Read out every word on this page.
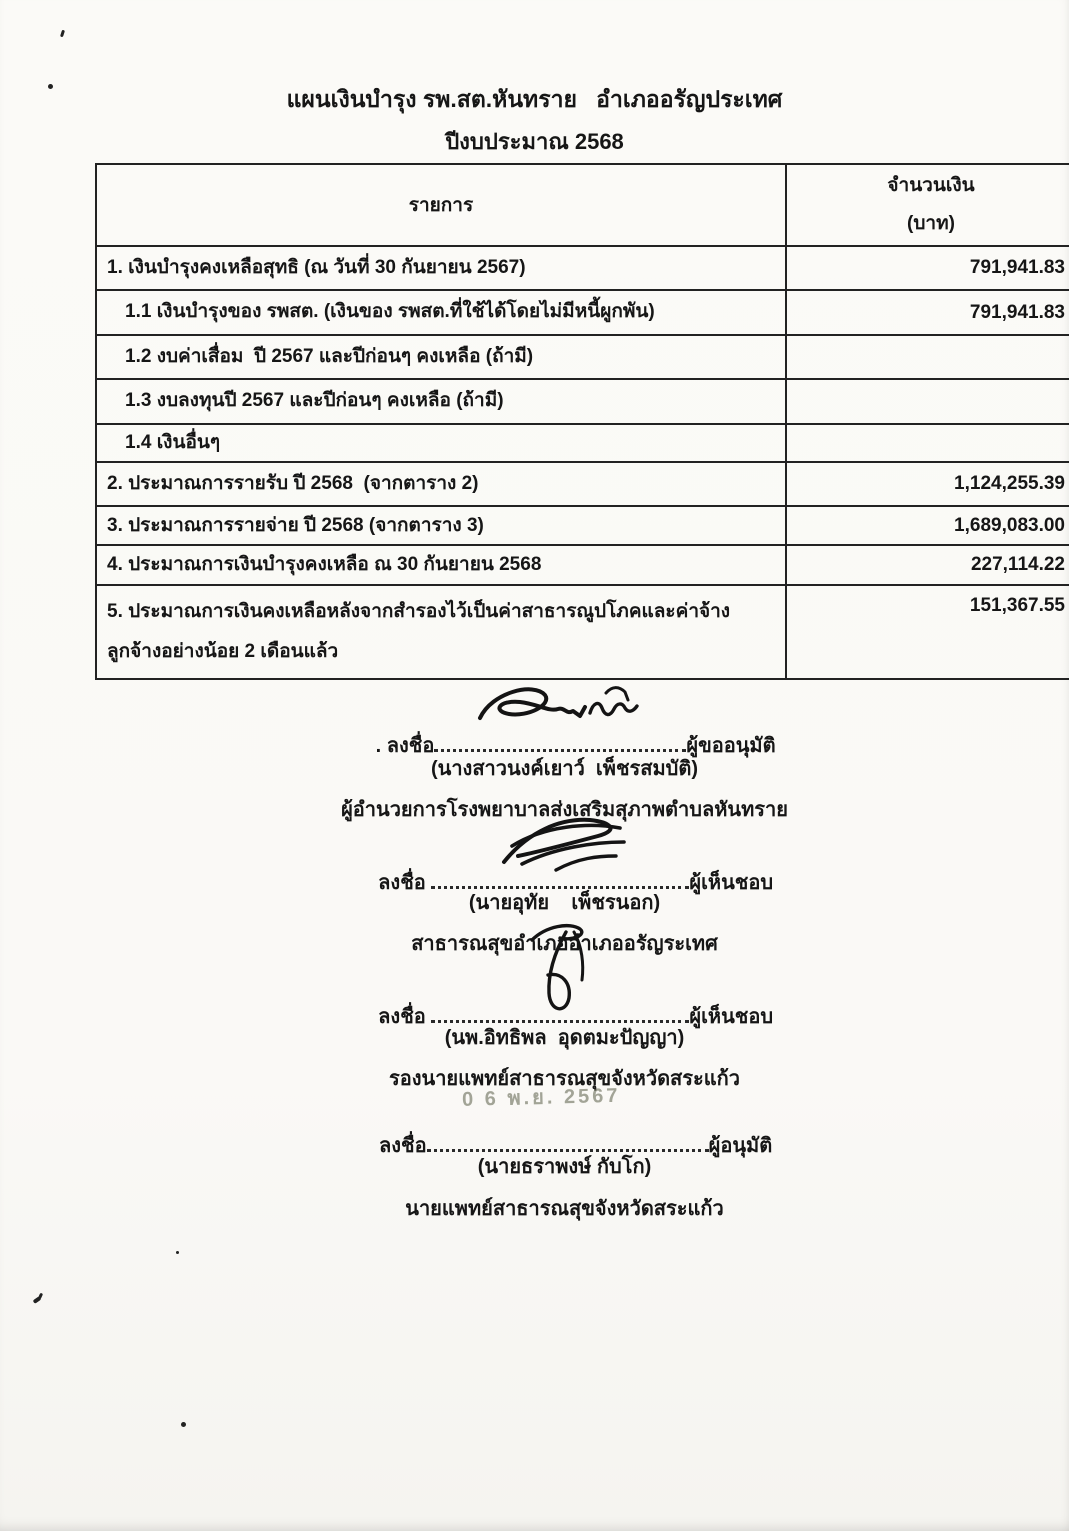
แผนเงินบำรุง รพ.สต.หันทราย   อำเภออรัญประเทศ
ปีงบประมาณ 2568
รายการ	จำนวนเงิน
(บาท)

1. เงินบำรุงคงเหลือสุทธิ (ณ วันที่ 30 กันยายน 2567)	791,941.83
1.1 เงินบำรุงของ รพสต. (เงินของ รพสต.ที่ใช้ได้โดยไม่มีหนี้ผูกพัน)	791,941.83
1.2 งบค่าเสื่อม  ปี 2567 และปีก่อนๆ คงเหลือ (ถ้ามี)	
1.3 งบลงทุนปี 2567 และปีก่อนๆ คงเหลือ (ถ้ามี)	
1.4 เงินอื่นๆ	
2. ประมาณการรายรับ ปี 2568  (จากตาราง 2)	1,124,255.39
3. ประมาณการรายจ่าย ปี 2568 (จากตาราง 3)	1,689,083.00
4. ประมาณการเงินบำรุงคงเหลือ ณ 30 กันยายน 2568	227,114.22
5. ประมาณการเงินคงเหลือหลังจากสำรองไว้เป็นค่าสาธารณูปโภคและค่าจ้าง ลูกจ้างอย่างน้อย 2 เดือนแล้ว	151,367.55

.
ลงชื่อ	ผู้ขออนุมัติ

(นางสาวนงค์เยาว์  เพ็ชรสมบัติ)
ผู้อำนวยการโรงพยาบาลส่งเสริมสุภาพตำบลหันทราย

ลงชื่อ	ผู้เห็นชอบ

(นายอุทัย    เพ็ชรนอก)
สาธารณสุขอำเภออำเภออรัญระเทศ

ลงชื่อ	ผู้เห็นชอบ

(นพ.อิทธิพล  อุดตมะปัญญา)
รองนายแพทย์สาธารณสุขจังหวัดสระแก้ว
0 6 พ.ย. 2567

ลงชื่อ	ผู้อนุมัติ

(นายธราพงษ์ กับโก)
นายแพทย์สาธารณสุขจังหวัดสระแก้ว
